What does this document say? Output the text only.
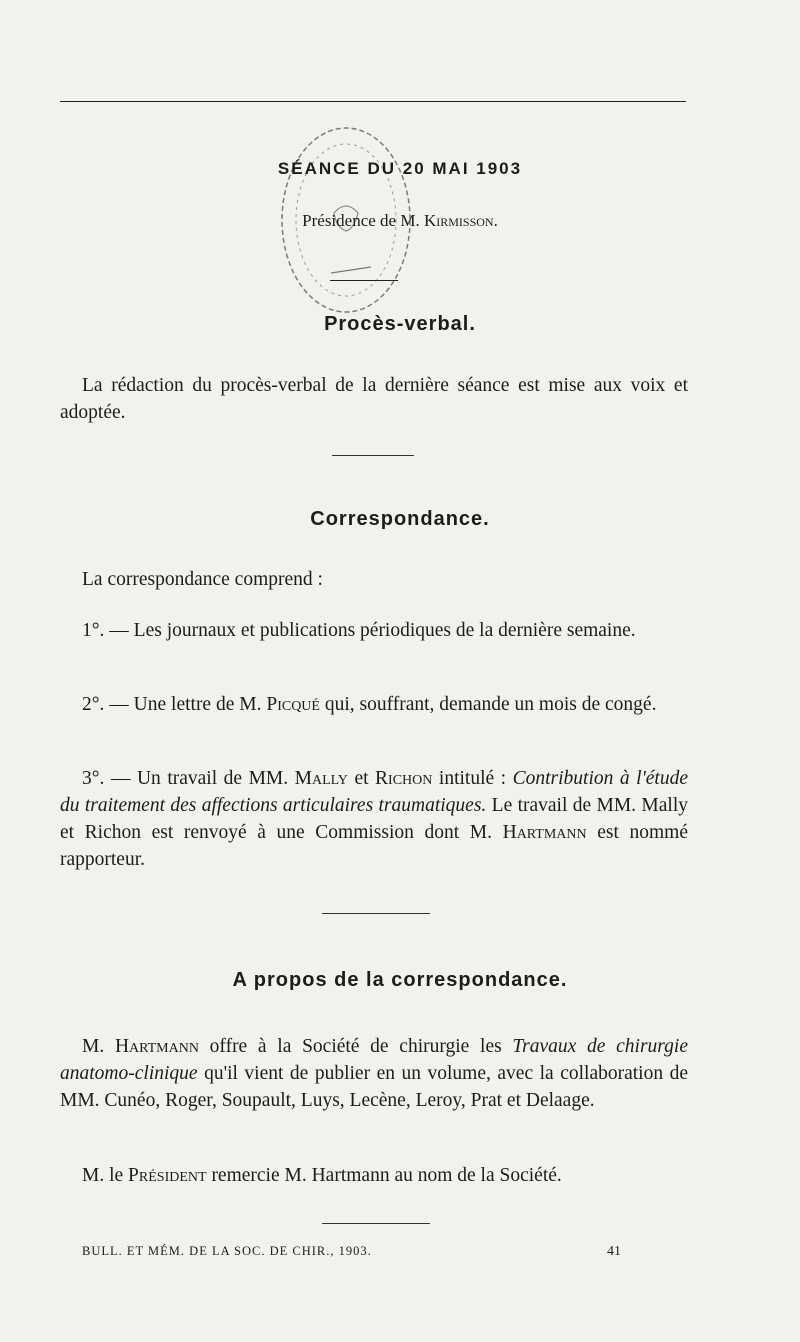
SÉANCE DU 20 MAI 1903
Présidence de M. Kirmisson.
Procès-verbal.

La rédaction du procès-verbal de la dernière séance est mise aux voix et adoptée.

Correspondance.

La correspondance comprend :

1°. — Les journaux et publications périodiques de la dernière semaine.

2°. — Une lettre de M. Picqué qui, souffrant, demande un mois de congé.

3°. — Un travail de MM. Mally et Richon intitulé : Contribution à l'étude du traitement des affections articulaires traumatiques. Le travail de MM. Mally et Richon est renvoyé à une Commission dont M. Hartmann est nommé rapporteur.

A propos de la correspondance.

M. Hartmann offre à la Société de chirurgie les Travaux de chirurgie anatomo-clinique qu'il vient de publier en un volume, avec la collaboration de MM. Cunéo, Roger, Soupault, Luys, Lecène, Leroy, Prat et Delaage.

M. le Président remercie M. Hartmann au nom de la Société.

BULL. ET MÉM. DE LA SOC. DE CHIR., 1903.	41
